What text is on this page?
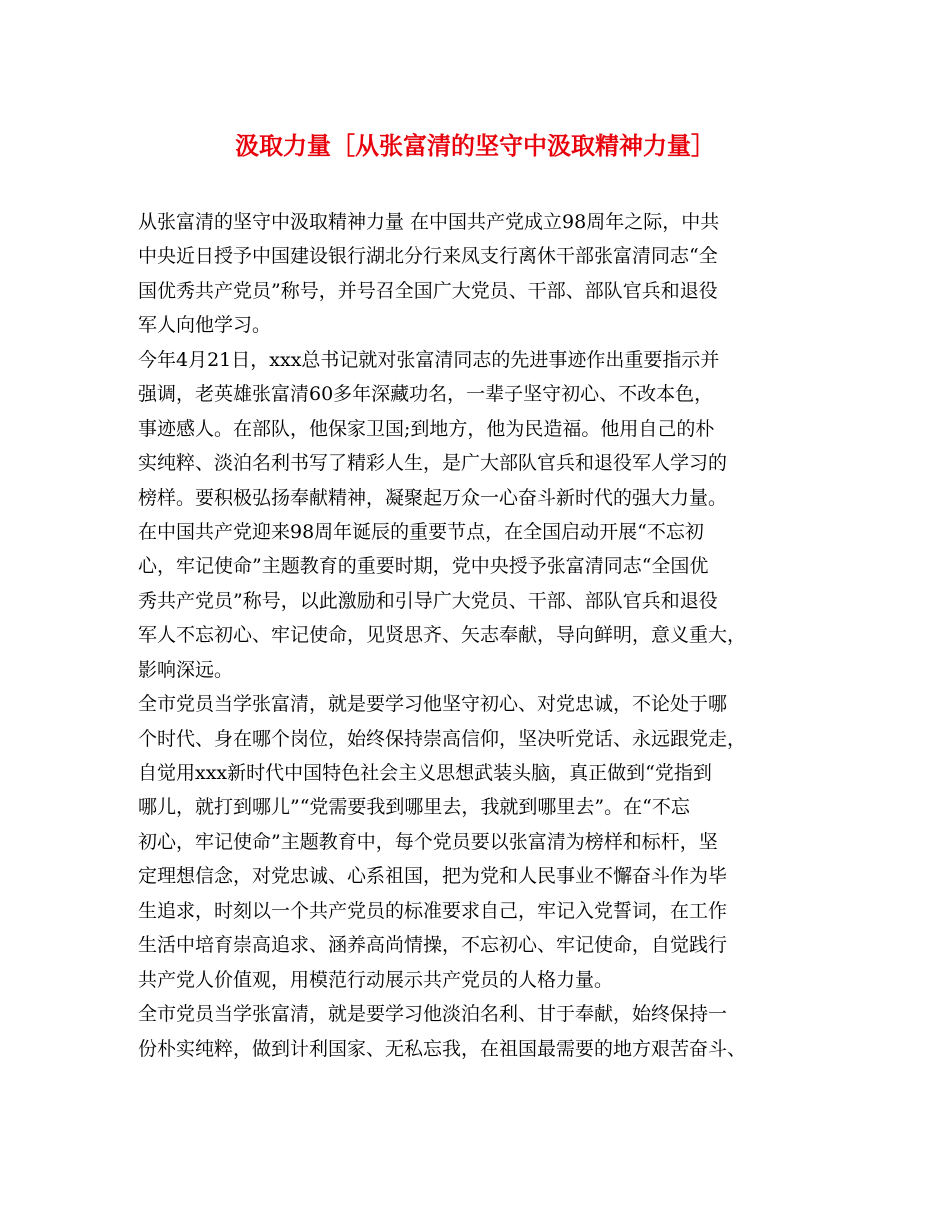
汲取力量［从张富清的坚守中汲取精神力量］

从张富清的坚守中汲取精神力量 在中国共产党成立98周年之际，中共

中央近日授予中国建设银行湖北分行来凤支行离休干部张富清同志“全

国优秀共产党员”称号，并号召全国广大党员、干部、部队官兵和退役

军人向他学习。

今年4月21日，xxx总书记就对张富清同志的先进事迹作出重要指示并

强调，老英雄张富清60多年深藏功名，一辈子坚守初心、不改本色，

事迹感人。在部队，他保家卫国;到地方，他为民造福。他用自己的朴

实纯粹、淡泊名利书写了精彩人生，是广大部队官兵和退役军人学习的

榜样。要积极弘扬奉献精神，凝聚起万众一心奋斗新时代的强大力量。

在中国共产党迎来98周年诞辰的重要节点，在全国启动开展“不忘初

心，牢记使命”主题教育的重要时期，党中央授予张富清同志“全国优

秀共产党员”称号，以此激励和引导广大党员、干部、部队官兵和退役

军人不忘初心、牢记使命，见贤思齐、矢志奉献，导向鲜明，意义重大，

影响深远。

全市党员当学张富清，就是要学习他坚守初心、对党忠诚，不论处于哪

个时代、身在哪个岗位，始终保持崇高信仰，坚决听党话、永远跟党走，

自觉用xxx新时代中国特色社会主义思想武装头脑，真正做到“党指到

哪儿，就打到哪儿”“党需要我到哪里去，我就到哪里去”。在“不忘

初心，牢记使命”主题教育中，每个党员要以张富清为榜样和标杆，坚

定理想信念，对党忠诚、心系祖国，把为党和人民事业不懈奋斗作为毕

生追求，时刻以一个共产党员的标准要求自己，牢记入党誓词，在工作

生活中培育崇高追求、涵养高尚情操，不忘初心、牢记使命，自觉践行

共产党人价值观，用模范行动展示共产党员的人格力量。

全市党员当学张富清，就是要学习他淡泊名利、甘于奉献，始终保持一

份朴实纯粹，做到计利国家、无私忘我，在祖国最需要的地方艰苦奋斗、
